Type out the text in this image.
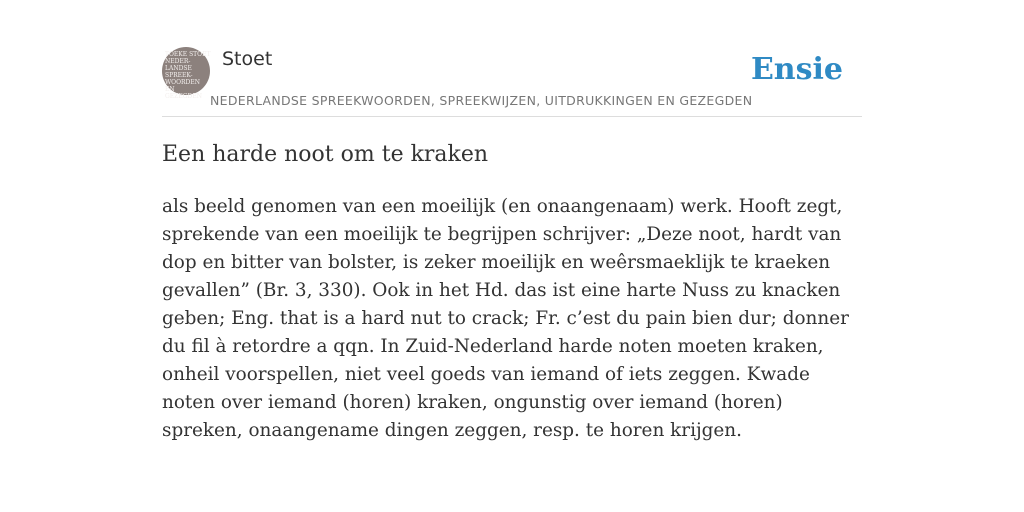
TOEKE STOET
NEDER-
LANDSE
SPREEK-
WOORDEN EN
GEZEGDEN
Stoet
NEDERLANDSE SPREEKWOORDEN, SPREEKWIJZEN, UITDRUKKINGEN EN GEZEGDEN
Ensie
Een harde noot om te kraken

als beeld genomen van een moeilijk (en onaangenaam) werk. Hooft zegt, sprekende van een moeilijk te begrijpen schrijver: „Deze noot, hardt van dop en bitter van bolster, is zeker moeilijk en weêrsmaeklijk te kraeken gevallen” (Br. 3, 330). Ook in het Hd. das ist eine harte Nuss zu knacken geben; Eng. that is a hard nut to crack; Fr. c’est du pain bien dur; donner du fil à retordre a qqn. In Zuid-Nederland harde noten moeten kraken, onheil voorspellen, niet veel goeds van iemand of iets zeggen. Kwade noten over iemand (horen) kraken, ongunstig over iemand (horen) spreken, onaangename dingen zeggen, resp. te horen krijgen.
